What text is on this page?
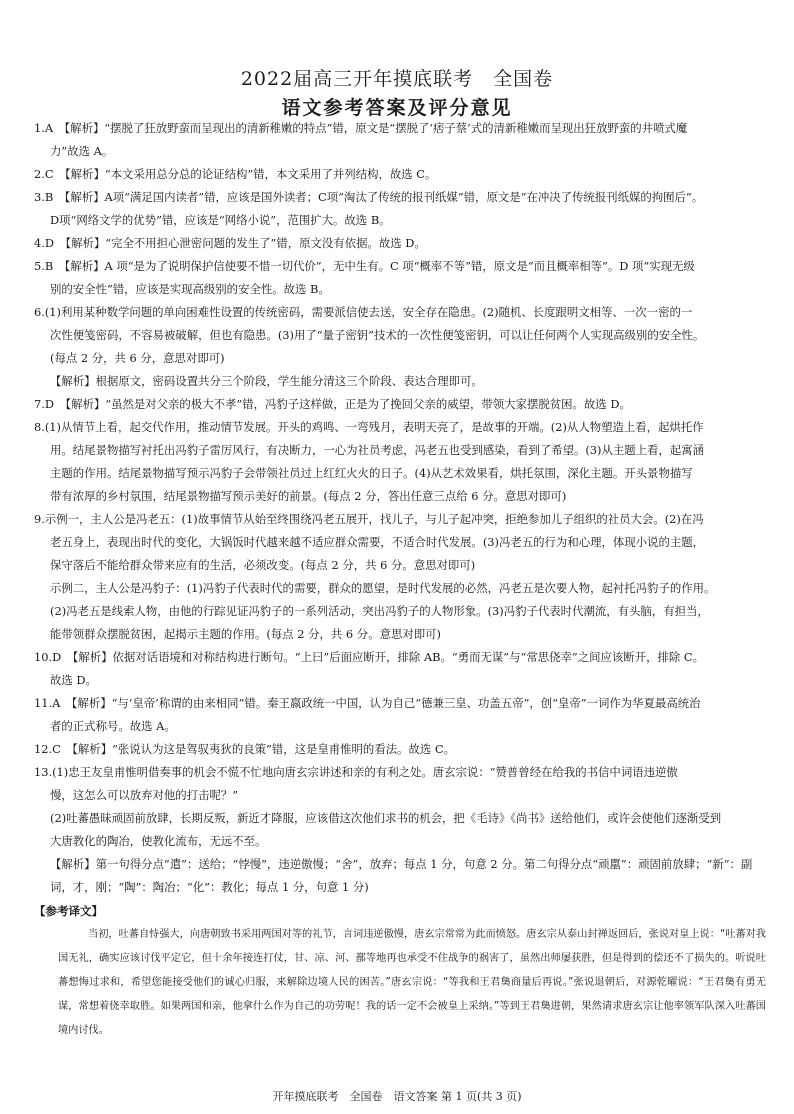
2022届高三开年摸底联考　全国卷
语文参考答案及评分意见

1.A　【解析】“摆脱了狂放野蛮而呈现出的清新稚嫩的特点”错，原文是“摆脱了‘痞子蔡’式的清新稚嫩而呈现出狂放野蛮的井喷式魔

力”故选 A。

2.C　【解析】“本文采用总分总的论证结构”错，本文采用了并列结构，故选 C。

3.B　【解析】A项“满足国内读者”错，应该是国外读者；C项“淘汰了传统的报刊纸媒”错，原文是“在冲决了传统报刊纸媒的拘囿后”。

D项“网络文学的优势”错，应该是“网络小说”，范围扩大。故选 B。

4.D　【解析】“完全不用担心泄密问题的发生了”错，原文没有依据。故选 D。

5.B　【解析】A 项“是为了说明保护信使要不惜一切代价”，无中生有。C 项“概率不等”错，原文是“而且概率相等”。D 项“实现无级

别的安全性”错，应该是实现高级别的安全性。故选 B。

6.(1)利用某种数学问题的单向困难性设置的传统密码，需要派信使去送，安全存在隐患。(2)随机、长度跟明文相等、一次一密的一

次性便笺密码，不容易被破解，但也有隐患。(3)用了“量子密钥”技术的一次性便笺密钥，可以让任何两个人实现高级别的安全性。

(每点 2 分，共 6 分，意思对即可)

【解析】根据原文，密码设置共分三个阶段，学生能分清这三个阶段、表达合理即可。

7.D　【解析】“虽然是对父亲的极大不孝”错，冯豹子这样做，正是为了挽回父亲的威望，带领大家摆脱贫困。故选 D。

8.(1)从情节上看，起交代作用，推动情节发展。开头的鸡鸣、一弯残月，表明天亮了，是故事的开端。(2)从人物塑造上看，起烘托作

用。结尾景物描写衬托出冯豹子雷厉风行，有决断力，一心为社员考虑，冯老五也受到感染，看到了希望。(3)从主题上看，起寓涵

主题的作用。结尾景物描写预示冯豹子会带领社员过上红红火火的日子。(4)从艺术效果看，烘托氛围，深化主题。开头景物描写

带有浓厚的乡村氛围，结尾景物描写预示美好的前景。(每点 2 分，答出任意三点给 6 分。意思对即可)

9.示例一，主人公是冯老五：(1)故事情节从始至终围绕冯老五展开，找儿子，与儿子起冲突，拒绝参加儿子组织的社员大会。(2)在冯

老五身上，表现出时代的变化，大锅饭时代越来越不适应群众需要，不适合时代发展。(3)冯老五的行为和心理，体现小说的主题，

保守落后不能给群众带来应有的生活，必须改变。(每点 2 分，共 6 分。意思对即可)

示例二，主人公是冯豹子：(1)冯豹子代表时代的需要，群众的愿望，是时代发展的必然，冯老五是次要人物，起衬托冯豹子的作用。

(2)冯老五是线索人物，由他的行踪见证冯豹子的一系列活动，突出冯豹子的人物形象。(3)冯豹子代表时代潮流，有头脑，有担当，

能带领群众摆脱贫困，起揭示主题的作用。(每点 2 分，共 6 分。意思对即可)

10.D　【解析】依据对话语境和对称结构进行断句。“上曰”后面应断开，排除 AB。“勇而无谋”与“常思侥幸”之间应该断开，排除 C。

故选 D。

11.A　【解析】“与‘皇帝’称谓的由来相同”错。秦王嬴政统一中国，认为自己“德兼三皇、功盖五帝”，创“皇帝”一词作为华夏最高统治

者的正式称号。故选 A。

12.C　【解析】“张说认为这是驾驭夷狄的良策”错，这是皇甫惟明的看法。故选 C。

13.(1)忠王友皇甫惟明借奏事的机会不慌不忙地向唐玄宗讲述和亲的有利之处。唐玄宗说：“赞普曾经在给我的书信中词语违逆傲

慢，这怎么可以放弃对他的打击呢？”

(2)吐蕃愚昧顽固前放肆，长期反叛，新近才降服，应该借这次他们求书的机会，把《毛诗》《尚书》送给他们，或许会使他们逐渐受到

大唐教化的陶冶，使教化流布，无远不至。

【解析】第一句得分点“遣”：送给；“悖慢”，违逆傲慢；“舍”，放弃；每点 1 分，句意 2 分。第二句得分点“顽嚚”：顽固前放肆；“新”：副

词，才，刚；“陶”：陶冶；“化”：教化；每点 1 分，句意 1 分)

【参考译文】

当初，吐蕃自恃强大，向唐朝致书采用两国对等的礼节，言词违逆傲慢，唐玄宗常常为此而愤怒。唐玄宗从泰山封禅返回后，张说对皇上说：“吐蕃对我国无礼，确实应该讨伐平定它，但十余年接连打仗，甘、凉、河、鄯等地再也承受不住战争的祸害了，虽然出师屡获胜，但是得到的偿还不了损失的。听说吐蕃想悔过求和，希望您能接受他们的诚心归服，来解除边境人民的困苦。”唐玄宗说：“等我和王君㚟商量后再说。”张说退朝后，对源乾曜说：“王君㚟有勇无谋，常想着侥幸取胜。如果两国和亲，他拿什么作为自己的功劳呢！我的话一定不会被皇上采纳。”等到王君㚟进朝，果然请求唐玄宗让他率领军队深入吐蕃国境内讨伐。

开年摸底联考　全国卷　语文答案 第 1 页(共 3 页)
